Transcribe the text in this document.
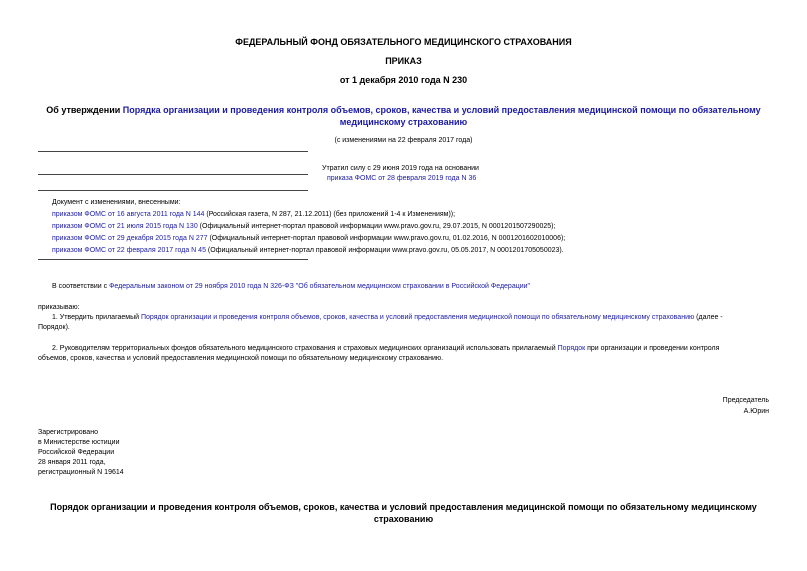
ФЕДЕРАЛЬНЫЙ ФОНД ОБЯЗАТЕЛЬНОГО МЕДИЦИНСКОГО СТРАХОВАНИЯ
ПРИКАЗ
от 1 декабря 2010 года N 230
Об утверждении Порядка организации и проведения контроля объемов, сроков, качества и условий предоставления медицинской помощи по обязательному
медицинскому страхованию
(с изменениями на 22 февраля 2017 года)
Утратил силу с 29 июня 2019 года на основании
приказа ФОМС от 28 февраля 2019 года N 36
Документ с изменениями, внесенными:
приказом ФОМС от 16 августа 2011 года N 144 (Российская газета, N 287, 21.12.2011) (без приложений 1-4 к Изменениям));
приказом ФОМС от 21 июля 2015 года N 130 (Официальный интернет-портал правовой информации www.pravo.gov.ru, 29.07.2015, N 0001201507290025);
приказом ФОМС от 29 декабря 2015 года N 277 (Официальный интернет-портал правовой информации www.pravo.gov.ru, 01.02.2016, N 0001201602010006);
приказом ФОМС от 22 февраля 2017 года N 45 (Официальный интернет-портал правовой информации www.pravo.gov.ru, 05.05.2017, N 0001201705050023).
В соответствии с Федеральным законом от 29 ноября 2010 года N 326-ФЗ "Об обязательном медицинском страховании в Российской Федерации"
приказываю:
1. Утвердить прилагаемый Порядок организации и проведения контроля объемов, сроков, качества и условий предоставления медицинской помощи по обязательному медицинскому страхованию (далее -
Порядок).
2. Руководителям территориальных фондов обязательного медицинского страхования и страховых медицинских организаций использовать прилагаемый Порядок при организации и проведении контроля
объемов, сроков, качества и условий предоставления медицинской помощи по обязательному медицинскому страхованию.
Председатель
А.Юрин
Зарегистрировано
в Министерстве юстиции
Российской Федерации
28 января 2011 года,
регистрационный N 19614
Порядок организации и проведения контроля объемов, сроков, качества и условий предоставления медицинской помощи по обязательному медицинскому
страхованию
